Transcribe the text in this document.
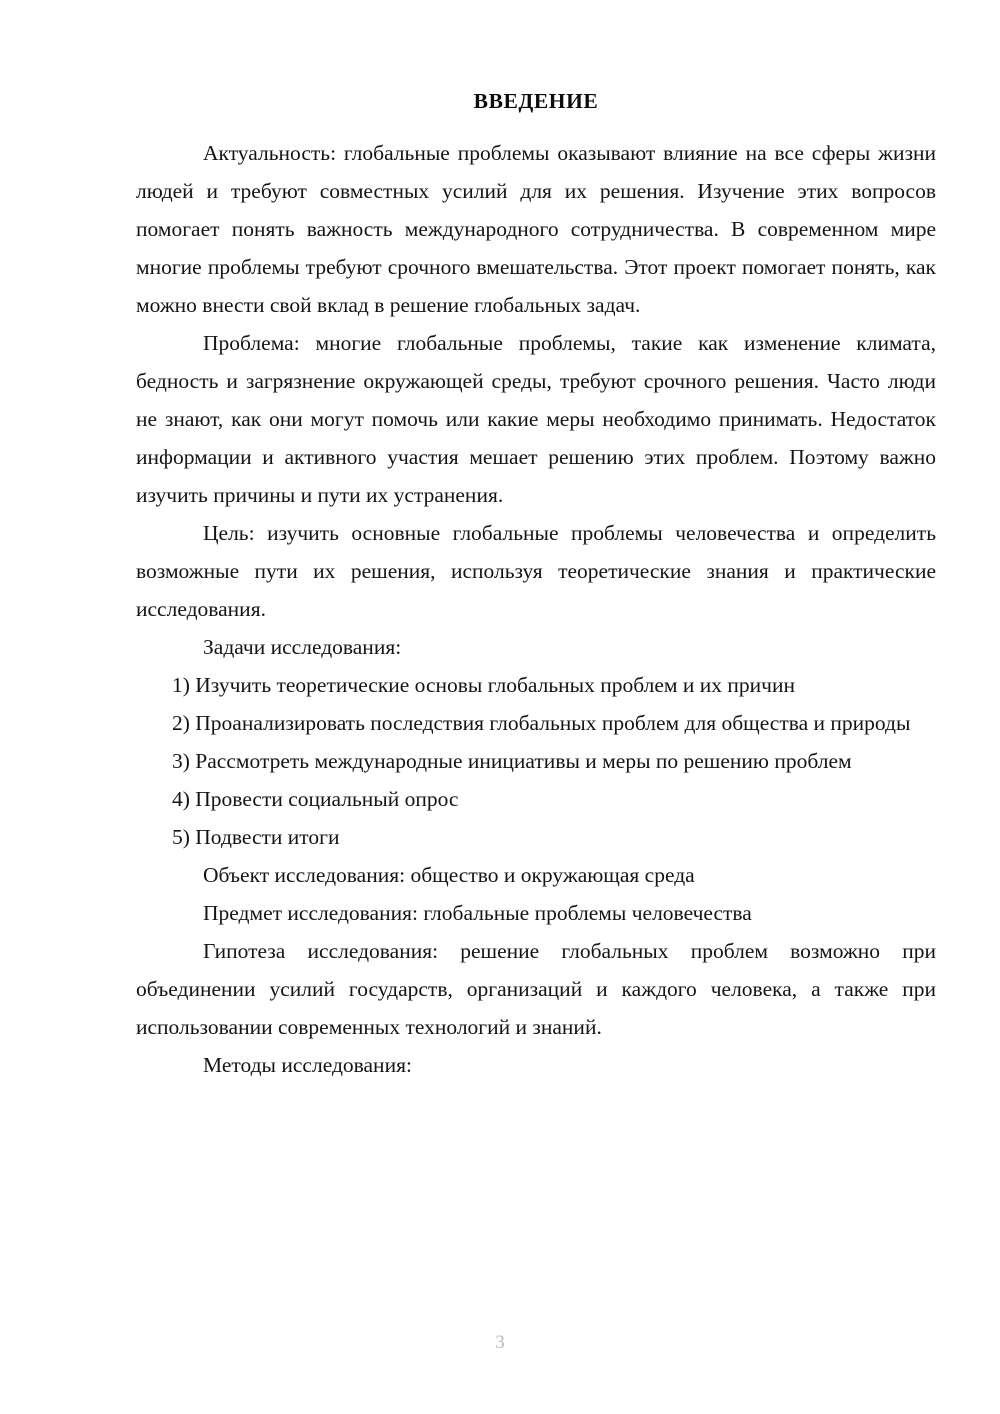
ВВЕДЕНИЕ

Актуальность: глобальные проблемы оказывают влияние на все сферы жизни людей и требуют совместных усилий для их решения. Изучение этих вопросов помогает понять важность международного сотрудничества. В современном мире многие проблемы требуют срочного вмешательства. Этот проект помогает понять, как можно внести свой вклад в решение глобальных задач.

Проблема: многие глобальные проблемы, такие как изменение климата, бедность и загрязнение окружающей среды, требуют срочного решения. Часто люди не знают, как они могут помочь или какие меры необходимо принимать. Недостаток информации и активного участия мешает решению этих проблем. Поэтому важно изучить причины и пути их устранения.

Цель: изучить основные глобальные проблемы человечества и определить возможные пути их решения, используя теоретические знания и практические исследования.

Задачи исследования:

1) Изучить теоретические основы глобальных проблем и их причин

2) Проанализировать последствия глобальных проблем для общества и природы

3) Рассмотреть международные инициативы и меры по решению проблем

4) Провести социальный опрос

5) Подвести итоги

Объект исследования: общество и окружающая среда

Предмет исследования: глобальные проблемы человечества

Гипотеза исследования: решение глобальных проблем возможно при объединении усилий государств, организаций и каждого человека, а также при использовании современных технологий и знаний.

Методы исследования:

3
